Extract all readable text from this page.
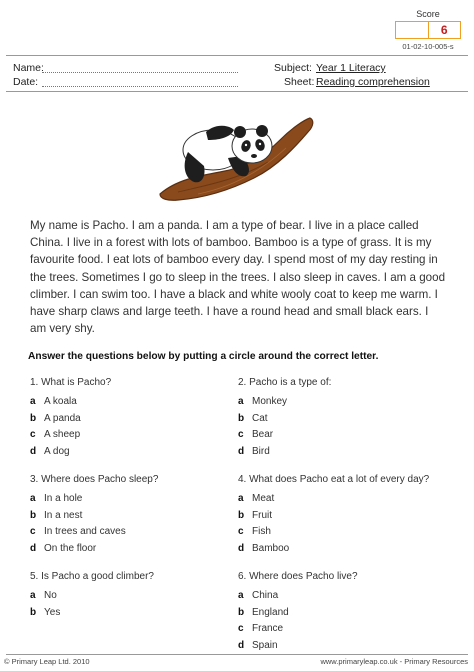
Score
6
01-02-10-005-s
Name:
Date:
Subject: Year 1 Literacy
Sheet: Reading comprehension
My name is Pacho. I am a panda. I am a type of bear. I live in a place called China. I live in a forest with lots of bamboo. Bamboo is a type of grass. It is my favourite food. I eat lots of bamboo every day. I spend most of my day resting in the trees. Sometimes I go to sleep in the trees. I also sleep in caves. I am a good climber. I can swim too. I have a black and white wooly coat to keep me warm. I have sharp claws and large teeth. I have a round head and small black ears. I am very shy.
Answer the questions below by putting a circle around the correct letter.
1. What is Pacho?
a A koala
b A panda
c A sheep
d A dog
2. Pacho is a type of:
a Monkey
b Cat
c Bear
d Bird
3. Where does Pacho sleep?
a In a hole
b In a nest
c In trees and caves
d On the floor
4. What does Pacho eat a lot of every day?
a Meat
b Fruit
c Fish
d Bamboo
5. Is Pacho a good climber?
a No
b Yes
6. Where does Pacho live?
a China
b England
c France
d Spain
© Primary Leap Ltd. 2010	www.primaryleap.co.uk - Primary Resources
